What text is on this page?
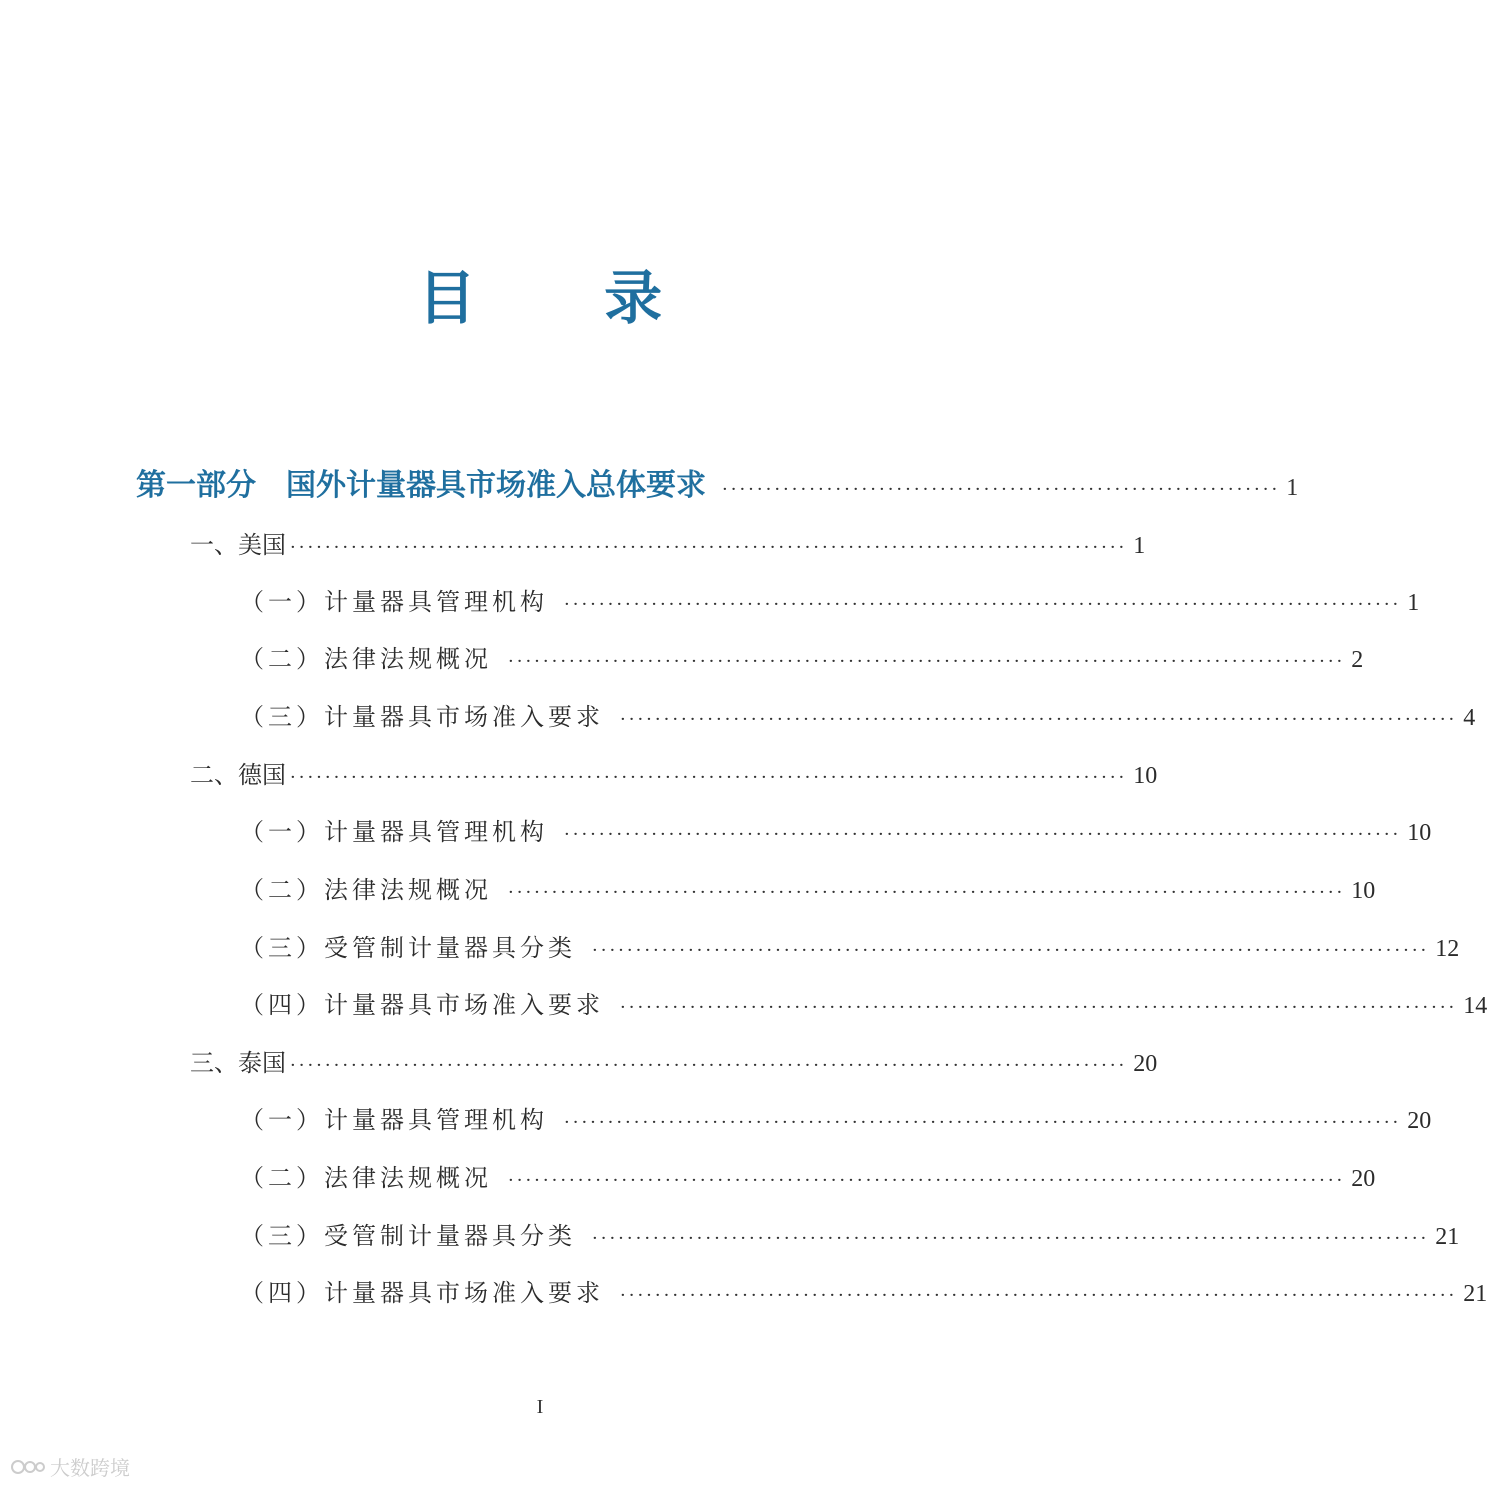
目 录
第一部分　国外计量器具市场准入总体要求 ································································ 1
一、美国 ································································································ 1
（一）计量器具管理机构 ································································································ 1
（二）法律法规概况 ································································································ 2
（三）计量器具市场准入要求 ································································································ 4
二、德国 ································································································ 10
（一）计量器具管理机构 ································································································ 10
（二）法律法规概况 ································································································ 10
（三）受管制计量器具分类 ································································································ 12
（四）计量器具市场准入要求 ································································································ 14
三、泰国 ································································································ 20
（一）计量器具管理机构 ································································································ 20
（二）法律法规概况 ································································································ 20
（三）受管制计量器具分类 ································································································ 21
（四）计量器具市场准入要求 ································································································ 21
I
大数跨境
